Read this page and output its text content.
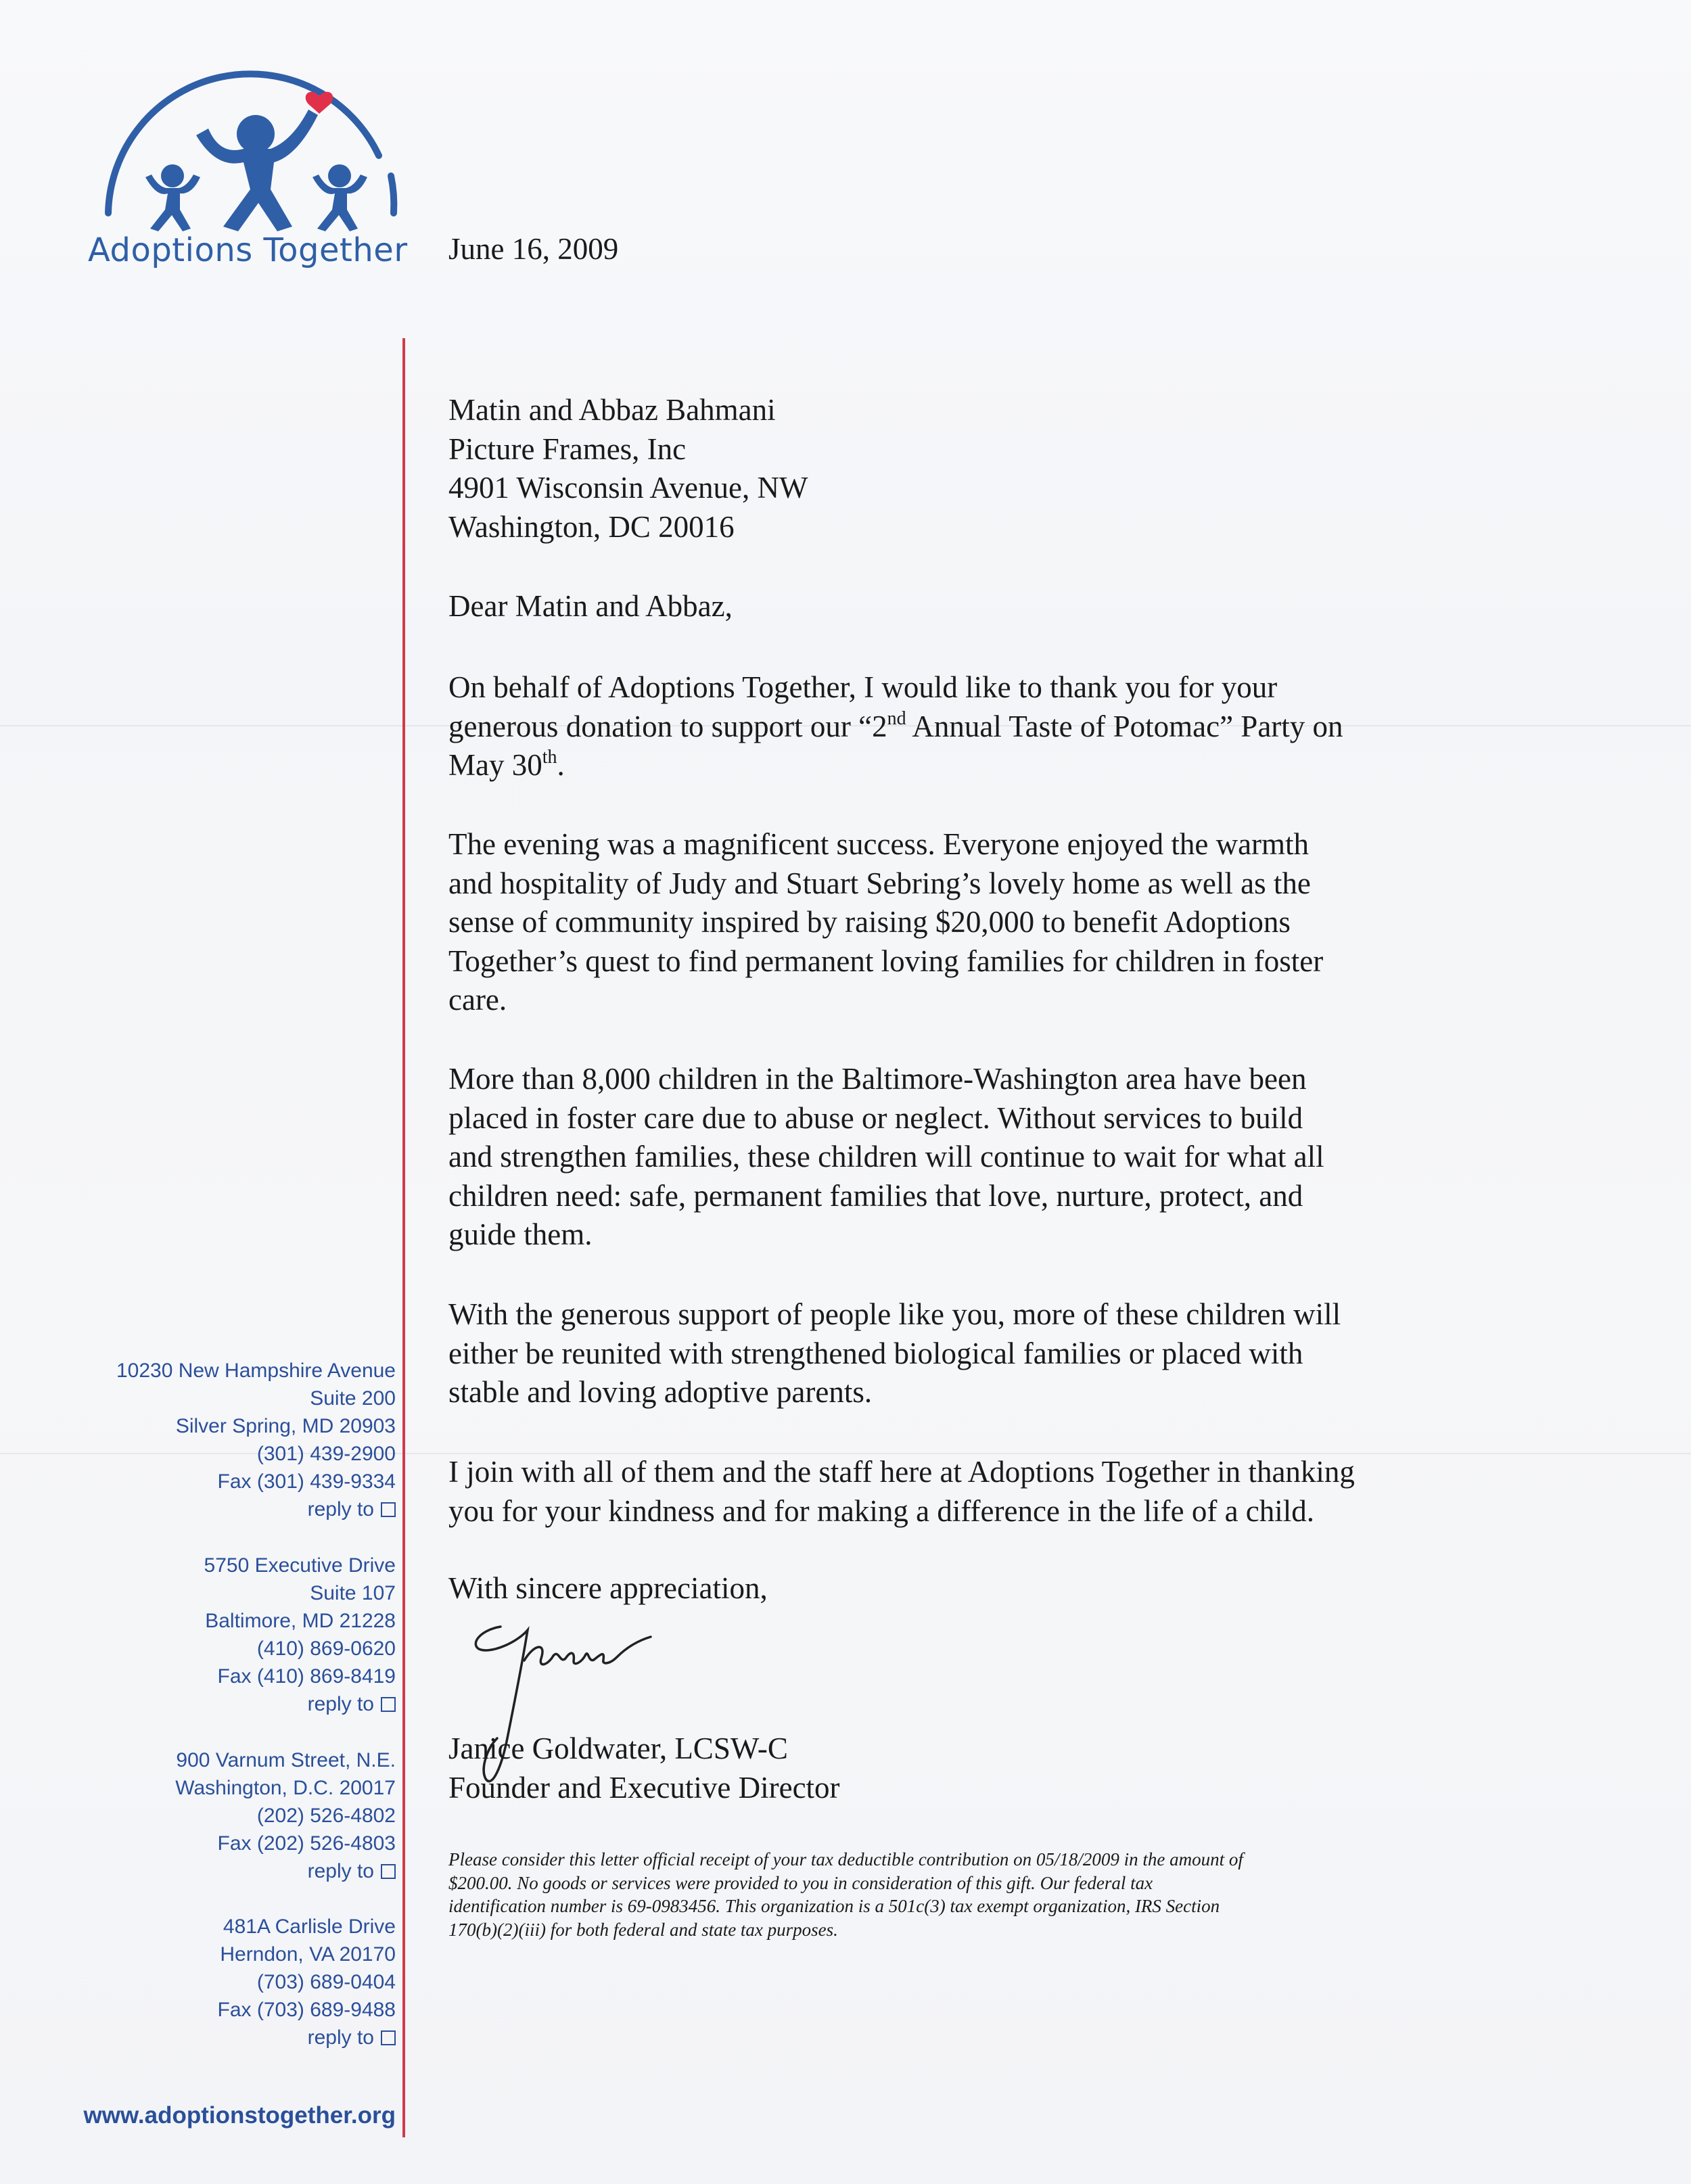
Adoptions Together	June 16, 2009
Matin and Abbaz Bahmani
Picture Frames, Inc
4901 Wisconsin Avenue, NW
Washington, DC 20016
Dear Matin and Abbaz,
On behalf of Adoptions Together, I would like to thank you for your
generous donation to support our “2nd Annual Taste of Potomac” Party on
May 30th.
The evening was a magnificent success. Everyone enjoyed the warmth
and hospitality of Judy and Stuart Sebring’s lovely home as well as the
sense of community inspired by raising $20,000 to benefit Adoptions
Together’s quest to find permanent loving families for children in foster
care.
More than 8,000 children in the Baltimore-Washington area have been
placed in foster care due to abuse or neglect. Without services to build
and strengthen families, these children will continue to wait for what all
children need: safe, permanent families that love, nurture, protect, and
guide them.
With the generous support of people like you, more of these children will
either be reunited with strengthened biological families or placed with
stable and loving adoptive parents.
I join with all of them and the staff here at Adoptions Together in thanking
you for your kindness and for making a difference in the life of a child.
With sincere appreciation,
Janice Goldwater, LCSW-C
Founder and Executive Director
Please consider this letter official receipt of your tax deductible contribution on 05/18/2009 in the amount of
$200.00. No goods or services were provided to you in consideration of this gift. Our federal tax
identification number is 69-0983456. This organization is a 501c(3) tax exempt organization, IRS Section
170(b)(2)(iii) for both federal and state tax purposes.
10230 New Hampshire Avenue
Suite 200
Silver Spring, MD 20903
(301) 439-2900
Fax (301) 439-9334
reply to
5750 Executive Drive
Suite 107
Baltimore, MD 21228
(410) 869-0620
Fax (410) 869-8419
reply to
900 Varnum Street, N.E.
Washington, D.C. 20017
(202) 526-4802
Fax (202) 526-4803
reply to
481A Carlisle Drive
Herndon, VA 20170
(703) 689-0404
Fax (703) 689-9488
reply to
www.adoptionstogether.org
